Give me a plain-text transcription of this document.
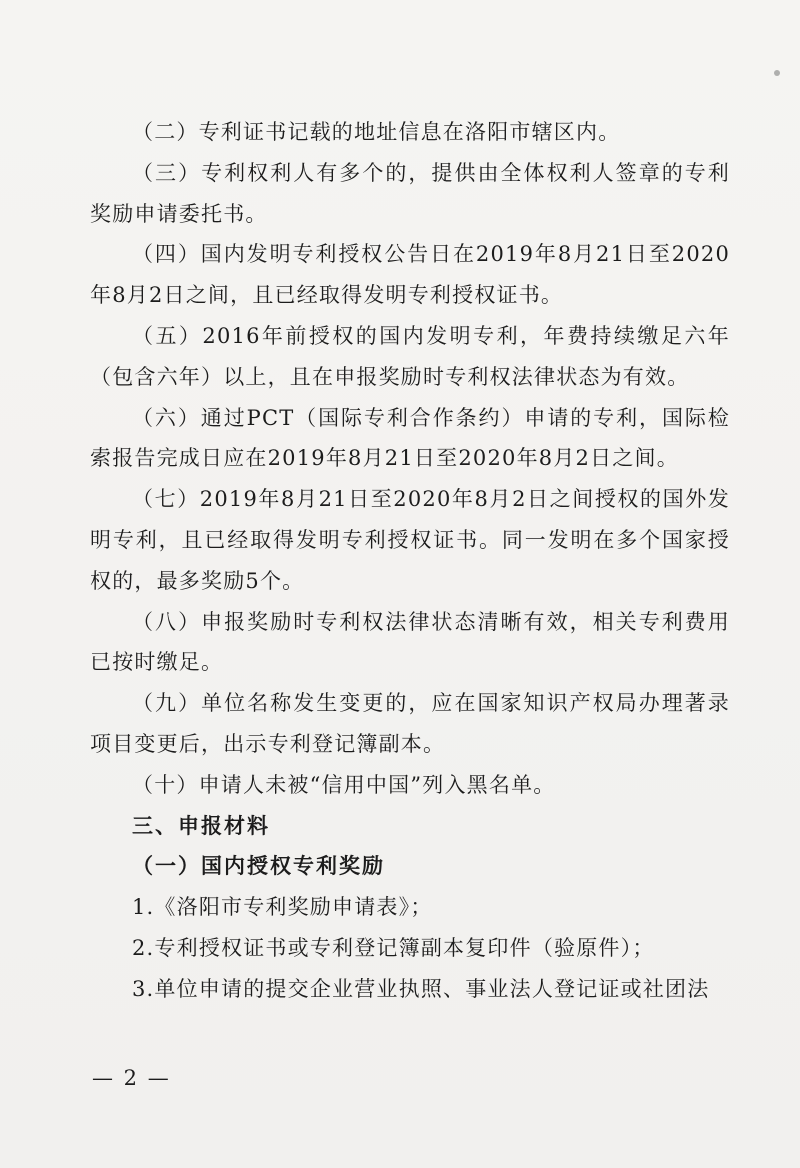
（二）专利证书记载的地址信息在洛阳市辖区内。

（三）专利权利人有多个的，提供由全体权利人签章的专利奖励申请委托书。

（四）国内发明专利授权公告日在2019年8月21日至2020年8月2日之间，且已经取得发明专利授权证书。

（五）2016年前授权的国内发明专利，年费持续缴足六年（包含六年）以上，且在申报奖励时专利权法律状态为有效。

（六）通过PCT（国际专利合作条约）申请的专利，国际检索报告完成日应在2019年8月21日至2020年8月2日之间。

（七）2019年8月21日至2020年8月2日之间授权的国外发明专利，且已经取得发明专利授权证书。同一发明在多个国家授权的，最多奖励5个。

（八）申报奖励时专利权法律状态清晰有效，相关专利费用已按时缴足。

（九）单位名称发生变更的，应在国家知识产权局办理著录项目变更后，出示专利登记簿副本。

（十）申请人未被“信用中国”列入黑名单。

三、申报材料

（一）国内授权专利奖励

1.《洛阳市专利奖励申请表》；

2.专利授权证书或专利登记簿副本复印件（验原件）；

3.单位申请的提交企业营业执照、事业法人登记证或社团法

— 2 —
